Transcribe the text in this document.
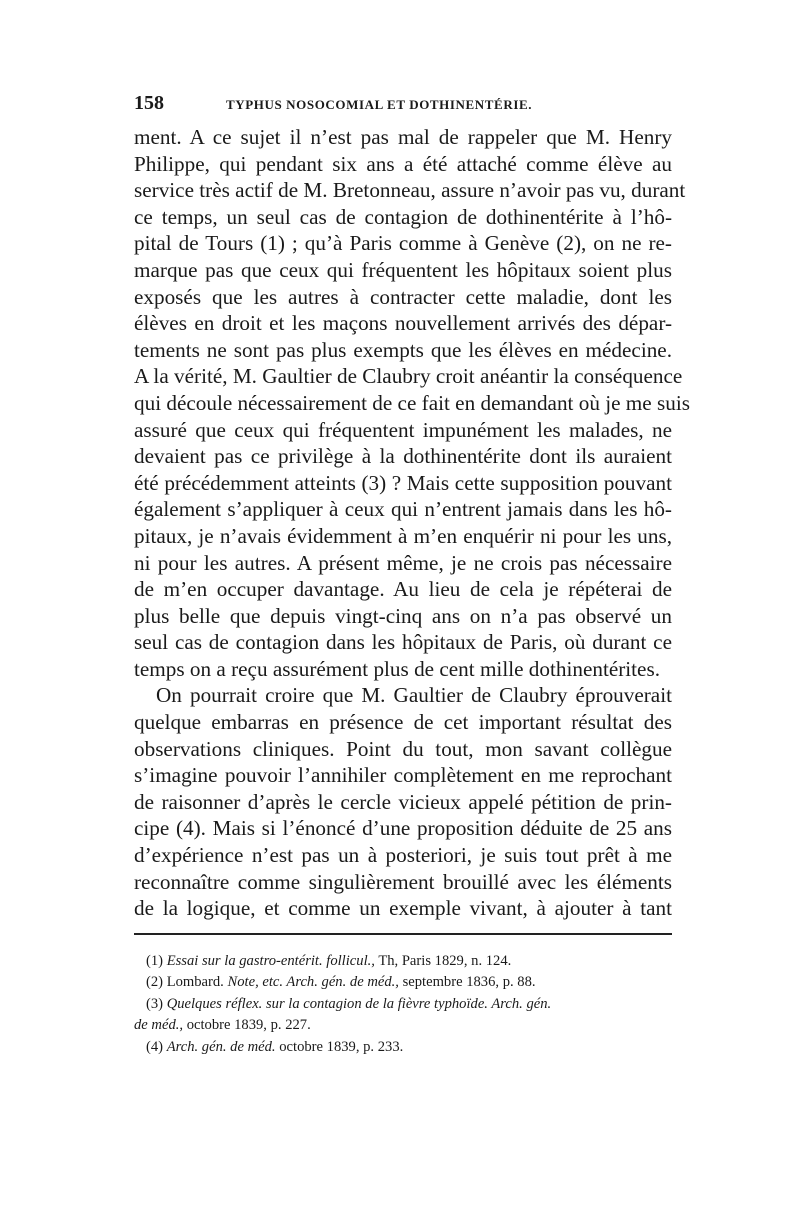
158	TYPHUS NOSOCOMIAL ET DOTHINENTÉRIE.
ment. A ce sujet il n’est pas mal de rappeler que M. Henry
Philippe, qui pendant six ans a été attaché comme élève au
service très actif de M. Bretonneau, assure n’avoir pas vu, durant
ce temps, un seul cas de contagion de dothinentérite à l’hô-
pital de Tours (1) ; qu’à Paris comme à Genève (2), on ne re-
marque pas que ceux qui fréquentent les hôpitaux soient plus
exposés que les autres à contracter cette maladie, dont les
élèves en droit et les maçons nouvellement arrivés des dépar-
tements ne sont pas plus exempts que les élèves en médecine.
A la vérité, M. Gaultier de Claubry croit anéantir la conséquence
qui découle nécessairement de ce fait en demandant où je me suis
assuré que ceux qui fréquentent impunément les malades, ne
devaient pas ce privilège à la dothinentérite dont ils auraient
été précédemment atteints (3) ? Mais cette supposition pouvant
également s’appliquer à ceux qui n’entrent jamais dans les hô-
pitaux, je n’avais évidemment à m’en enquérir ni pour les uns,
ni pour les autres. A présent même, je ne crois pas nécessaire
de m’en occuper davantage. Au lieu de cela je répéterai de
plus belle que depuis vingt-cinq ans on n’a pas observé un
seul cas de contagion dans les hôpitaux de Paris, où durant ce
temps on a reçu assurément plus de cent mille dothinentérites.
On pourrait croire que M. Gaultier de Claubry éprouverait
quelque embarras en présence de cet important résultat des
observations cliniques. Point du tout, mon savant collègue
s’imagine pouvoir l’annihiler complètement en me reprochant
de raisonner d’après le cercle vicieux appelé pétition de prin-
cipe (4). Mais si l’énoncé d’une proposition déduite de 25 ans
d’expérience n’est pas un à posteriori, je suis tout prêt à me
reconnaître comme singulièrement brouillé avec les éléments
de la logique, et comme un exemple vivant, à ajouter à tant
(1) Essai sur la gastro-entérit. follicul., Th, Paris 1829, n. 124.
(2) Lombard. Note, etc. Arch. gén. de méd., septembre 1836, p. 88.
(3) Quelques réflex. sur la contagion de la fièvre typhoïde. Arch. gén.
de méd., octobre 1839, p. 227.
(4) Arch. gén. de méd. octobre 1839, p. 233.
